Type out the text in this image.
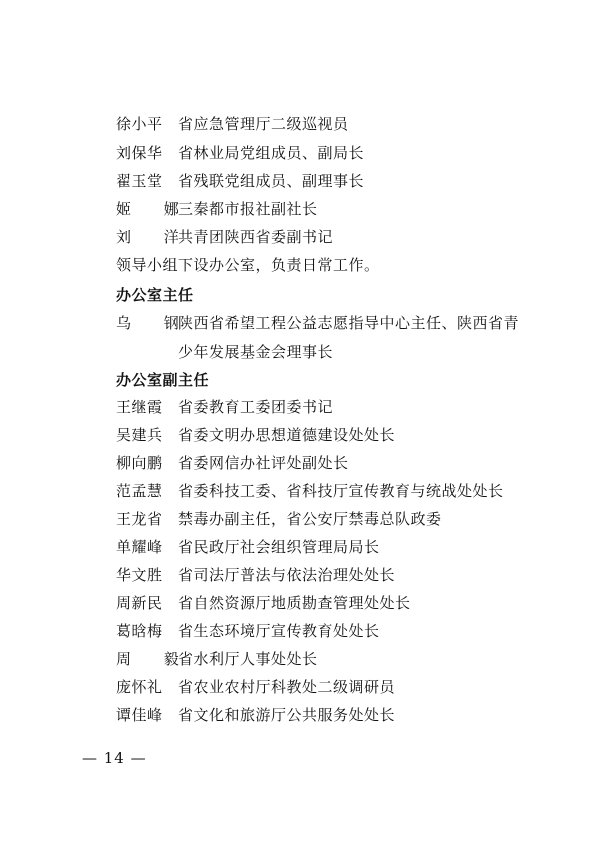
徐小平 省应急管理厅二级巡视员
刘保华 省林业局党组成员、副局长
翟玉堂 省残联党组成员、副理事长
姬 娜三秦都市报社副社长
刘 洋共青团陕西省委副书记
领导小组下设办公室，负责日常工作。
办公室主任
乌 钢
陕西省希望工程公益志愿指导中心主任、陕西省青
少年发展基金会理事长
办公室副主任
王继霞 省委教育工委团委书记
吴建兵 省委文明办思想道德建设处处长
柳向鹏 省委网信办社评处副处长
范孟慧 省委科技工委、省科技厅宣传教育与统战处处长
王龙省 禁毒办副主任，省公安厅禁毒总队政委
单耀峰 省民政厅社会组织管理局局长
华文胜 省司法厅普法与依法治理处处长
周新民 省自然资源厅地质勘查管理处处长
葛晗梅 省生态环境厅宣传教育处处长
周 毅省水利厅人事处处长
庞怀礼 省农业农村厅科教处二级调研员
谭佳峰 省文化和旅游厅公共服务处处长
— 14 —
